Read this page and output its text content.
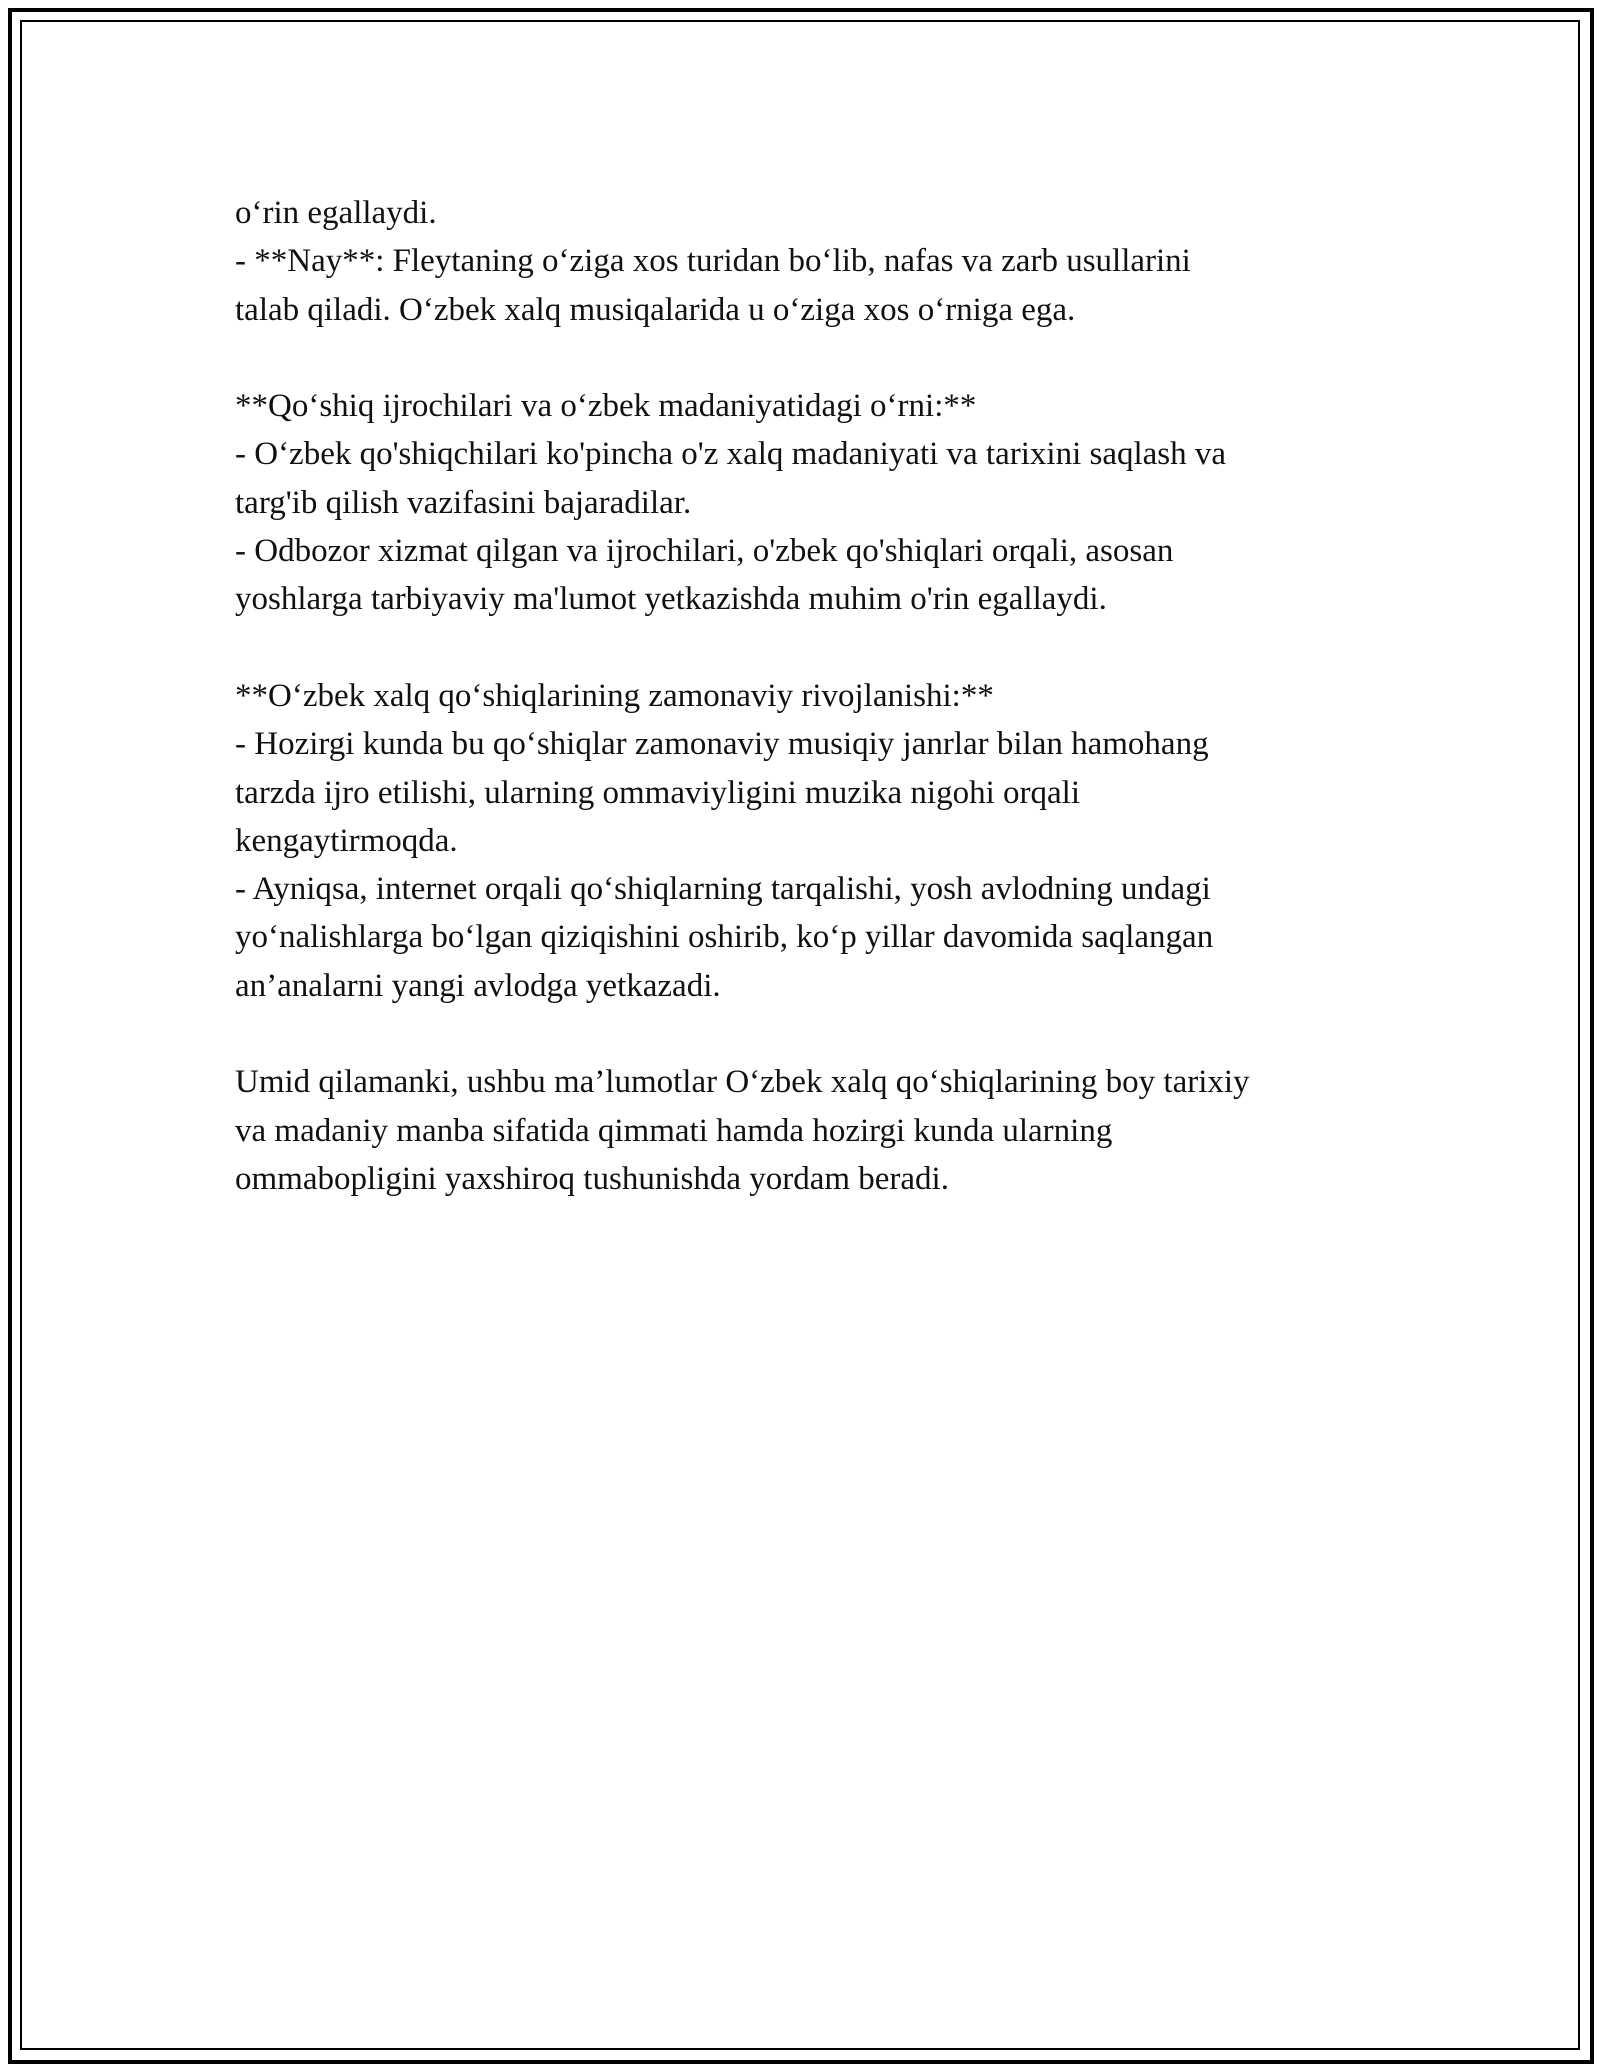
o‘rin egallaydi.
- **Nay**: Fleytaning o‘ziga xos turidan bo‘lib, nafas va zarb usullarini
talab qiladi. O‘zbek xalq musiqalarida u o‘ziga xos o‘rniga ega.
**Qo‘shiq ijrochilari va o‘zbek madaniyatidagi o‘rni:**
- O‘zbek qo'shiqchilari ko'pincha o'z xalq madaniyati va tarixini saqlash va
targ'ib qilish vazifasini bajaradilar.
- Odbozor xizmat qilgan va ijrochilari, o'zbek qo'shiqlari orqali, asosan
yoshlarga tarbiyaviy ma'lumot yetkazishda muhim o'rin egallaydi.
**O‘zbek xalq qo‘shiqlarining zamonaviy rivojlanishi:**
- Hozirgi kunda bu qo‘shiqlar zamonaviy musiqiy janrlar bilan hamohang
tarzda ijro etilishi, ularning ommaviyligini muzika nigohi orqali
kengaytirmoqda.
- Ayniqsa, internet orqali qo‘shiqlarning tarqalishi, yosh avlodning undagi
yo‘nalishlarga bo‘lgan qiziqishini oshirib, ko‘p yillar davomida saqlangan
an’analarni yangi avlodga yetkazadi.
Umid qilamanki, ushbu ma’lumotlar O‘zbek xalq qo‘shiqlarining boy tarixiy
va madaniy manba sifatida qimmati hamda hozirgi kunda ularning
ommabopligini yaxshiroq tushunishda yordam beradi.
